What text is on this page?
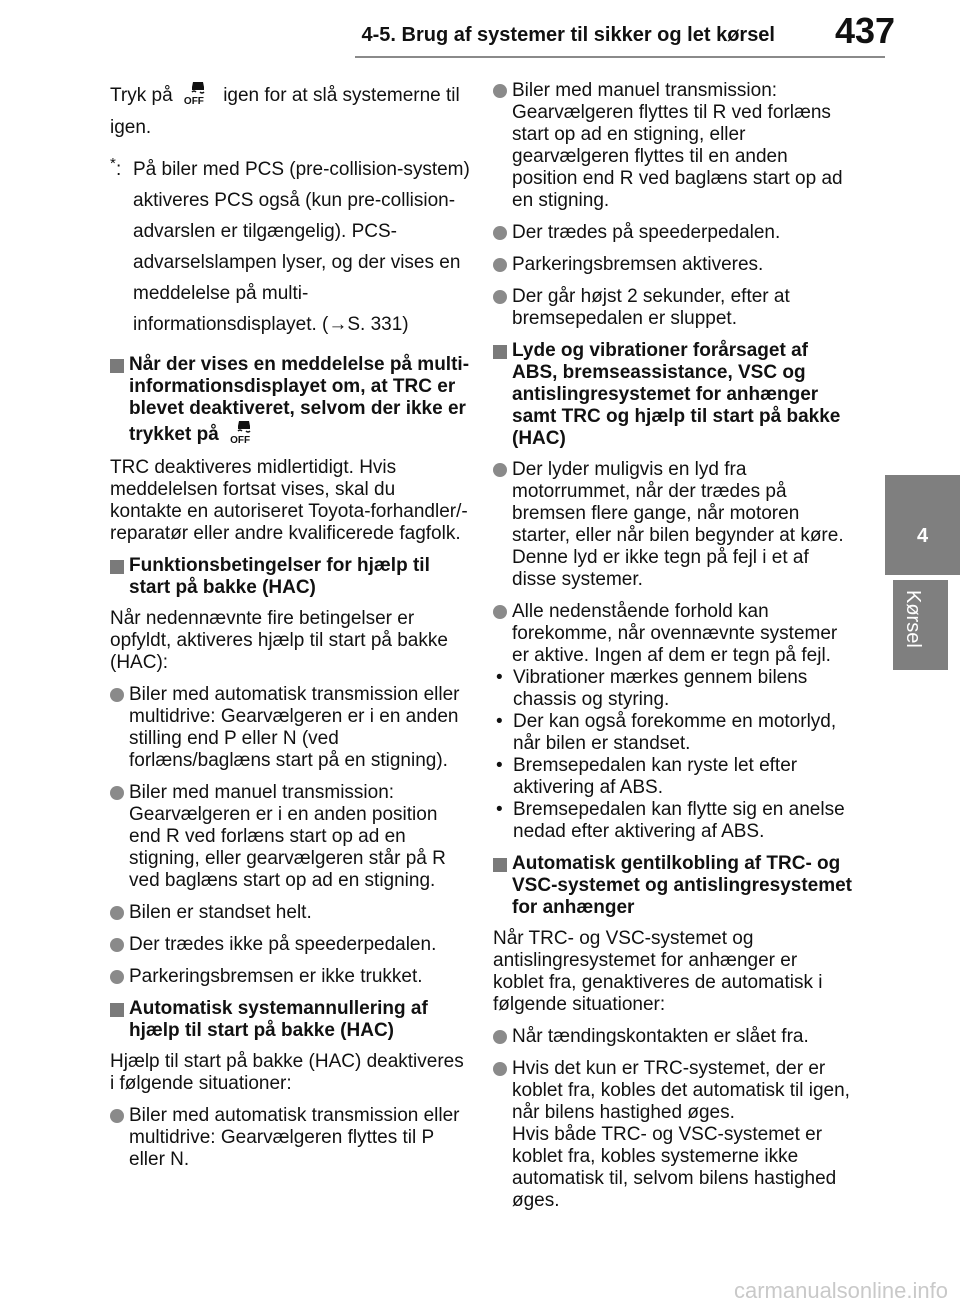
4-5. Brug af systemer til sikker og let kørsel	437
4
Kørsel

Tryk på OFF igen for at slå systemerne til igen.

* : På biler med PCS (pre-collision-system) aktiveres PCS også (kun pre-collision-advarslen er tilgængelig). PCS-advarselslampen lyser, og der vises en meddelelse på multi-informationsdisplayet. (→S. 331)
Når der vises en meddelelse på multi-informationsdisplayet om, at TRC er blevet deaktiveret, selvom der ikke er trykket på OFF

TRC deaktiveres midlertidigt. Hvis meddelelsen fortsat vises, skal du kontakte en autoriseret Toyota-forhandler/-reparatør eller andre kvalificerede fagfolk.

Funktionsbetingelser for hjælp til start på bakke (HAC)

Når nedennævnte fire betingelser er opfyldt, aktiveres hjælp til start på bakke (HAC):

Biler med automatisk transmission eller multidrive: Gearvælgeren er i en anden stilling end P eller N (ved forlæns/baglæns start på en stigning).
Biler med manuel transmission: Gearvælgeren er i en anden position end R ved forlæns start op ad en stigning, eller gearvælgeren står på R ved baglæns start op ad en stigning.
Bilen er standset helt.
Der trædes ikke på speederpedalen.
Parkeringsbremsen er ikke trukket.
Automatisk systemannullering af hjælp til start på bakke (HAC)

Hjælp til start på bakke (HAC) deaktiveres i følgende situationer:

Biler med automatisk transmission eller multidrive: Gearvælgeren flyttes til P eller N.
Biler med manuel transmission: Gearvælgeren flyttes til R ved forlæns start op ad en stigning, eller gearvælgeren flyttes til en anden position end R ved baglæns start op ad en stigning.
Der trædes på speederpedalen.
Parkeringsbremsen aktiveres.
Der går højst 2 sekunder, efter at bremsepedalen er sluppet.
Lyde og vibrationer forårsaget af ABS, bremseassistance, VSC og antislingresystemet for anhænger samt TRC og hjælp til start på bakke (HAC)
Der lyder muligvis en lyd fra motorrummet, når der trædes på bremsen flere gange, når motoren starter, eller når bilen begynder at køre. Denne lyd er ikke tegn på fejl i et af disse systemer.
Alle nedenstående forhold kan forekomme, når ovennævnte systemer er aktive. Ingen af dem er tegn på fejl.
• Vibrationer mærkes gennem bilens chassis og styring.
• Der kan også forekomme en motorlyd, når bilen er standset.
• Bremsepedalen kan ryste let efter aktivering af ABS.
• Bremsepedalen kan flytte sig en anelse nedad efter aktivering af ABS.
Automatisk gentilkobling af TRC- og VSC-systemet og antislingresystemet for anhænger

Når TRC- og VSC-systemet og antislingresystemet for anhænger er koblet fra, genaktiveres de automatisk i følgende situationer:

Når tændingskontakten er slået fra.
Hvis det kun er TRC-systemet, der er koblet fra, kobles det automatisk til igen, når bilens hastighed øges.
Hvis både TRC- og VSC-systemet er koblet fra, kobles systemerne ikke automatisk til, selvom bilens hastighed øges.
carmanualsonline.info
